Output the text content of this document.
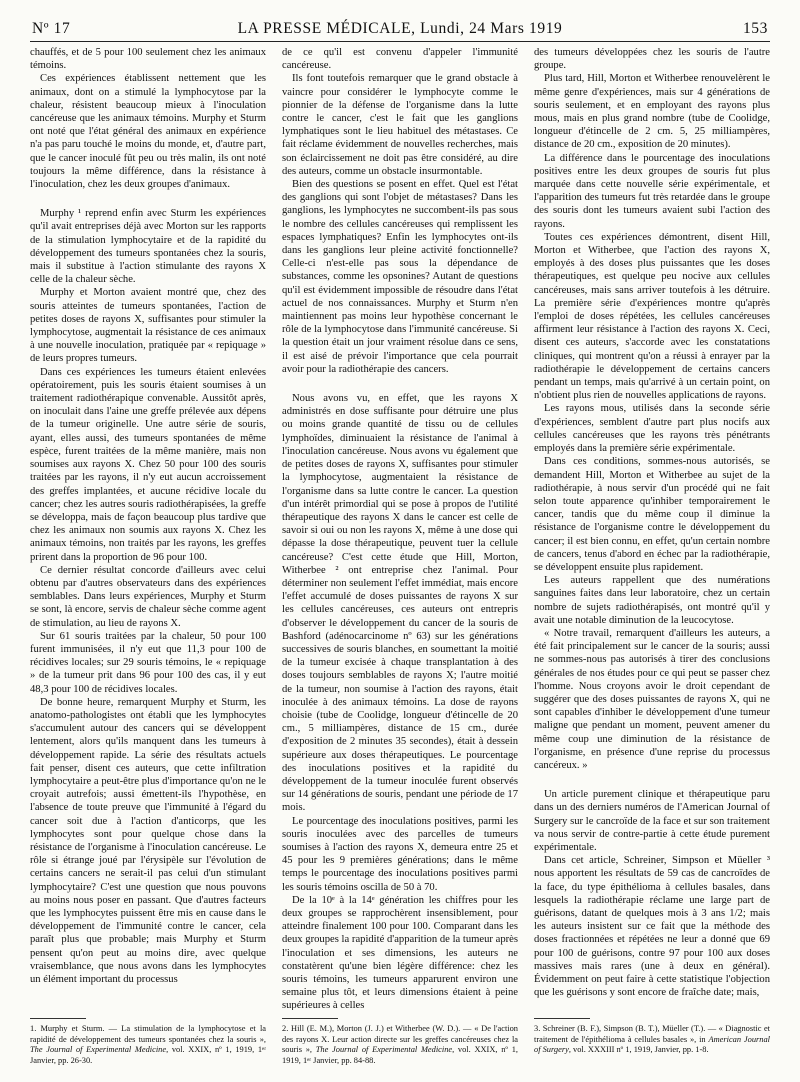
Nº 17	LA PRESSE MÉDICALE, Lundi, 24 Mars 1919	153

chauffés, et de 5 pour 100 seulement chez les animaux témoins.

Ces expériences établissent nettement que les animaux, dont on a stimulé la lymphocytose par la chaleur, résistent beaucoup mieux à l'inoculation cancéreuse que les animaux témoins. Murphy et Sturm ont noté que l'état général des animaux en expérience n'a pas paru touché le moins du monde, et, d'autre part, que le cancer inoculé fût peu ou très malin, ils ont noté toujours la même différence, dans la résistance à l'inoculation, chez les deux groupes d'animaux.

Murphy ¹ reprend enfin avec Sturm les expériences qu'il avait entreprises déjà avec Morton sur les rapports de la stimulation lymphocytaire et de la rapidité du développement des tumeurs spontanées chez la souris, mais il substitue à l'action stimulante des rayons X celle de la chaleur sèche.

Murphy et Morton avaient montré que, chez des souris atteintes de tumeurs spontanées, l'action de petites doses de rayons X, suffisantes pour stimuler la lymphocytose, augmentait la résistance de ces animaux à une nouvelle inoculation, pratiquée par « repiquage » de leurs propres tumeurs.

Dans ces expériences les tumeurs étaient enlevées opératoirement, puis les souris étaient soumises à un traitement radiothérapique convenable. Aussitôt après, on inoculait dans l'aine une greffe prélevée aux dépens de la tumeur originelle. Une autre série de souris, ayant, elles aussi, des tumeurs spontanées de même espèce, furent traitées de la même manière, mais non soumises aux rayons X. Chez 50 pour 100 des souris traitées par les rayons, il n'y eut aucun accroissement des greffes implantées, et aucune récidive locale du cancer; chez les autres souris radiothérapisées, la greffe se développa, mais de façon beaucoup plus tardive que chez les animaux non soumis aux rayons X. Chez les animaux témoins, non traités par les rayons, les greffes prirent dans la proportion de 96 pour 100.

Ce dernier résultat concorde d'ailleurs avec celui obtenu par d'autres observateurs dans des expériences semblables. Dans leurs expériences, Murphy et Sturm se sont, là encore, servis de chaleur sèche comme agent de stimulation, au lieu de rayons X.

Sur 61 souris traitées par la chaleur, 50 pour 100 furent immunisées, il n'y eut que 11,3 pour 100 de récidives locales; sur 29 souris témoins, le « repiquage » de la tumeur prit dans 96 pour 100 des cas, il y eut 48,3 pour 100 de récidives locales.

De bonne heure, remarquent Murphy et Sturm, les anatomo-pathologistes ont établi que les lymphocytes s'accumulent autour des cancers qui se développent lentement, alors qu'ils manquent dans les tumeurs à développement rapide. La série des résultats actuels fait penser, disent ces auteurs, que cette infiltration lymphocytaire a peut-être plus d'importance qu'on ne le croyait autrefois; aussi émettent-ils l'hypothèse, en l'absence de toute preuve que l'immunité à l'égard du cancer soit due à l'action d'anticorps, que les lymphocytes sont pour quelque chose dans la résistance de l'organisme à l'inoculation cancéreuse. Le rôle si étrange joué par l'érysipèle sur l'évolution de certains cancers ne serait-il pas celui d'un stimulant lymphocytaire? C'est une question que nous pouvons au moins nous poser en passant. Que d'autres facteurs que les lymphocytes puissent être mis en cause dans le développement de l'immunité contre le cancer, cela paraît plus que probable; mais Murphy et Sturm pensent qu'on peut au moins dire, avec quelque vraisemblance, que nous avons dans les lymphocytes un élément important du processus

de ce qu'il est convenu d'appeler l'immunité cancéreuse.

Ils font toutefois remarquer que le grand obstacle à vaincre pour considérer le lymphocyte comme le pionnier de la défense de l'organisme dans la lutte contre le cancer, c'est le fait que les ganglions lymphatiques sont le lieu habituel des métastases. Ce fait réclame évidemment de nouvelles recherches, mais son éclaircissement ne doit pas être considéré, au dire des auteurs, comme un obstacle insurmontable.

Bien des questions se posent en effet. Quel est l'état des ganglions qui sont l'objet de métastases? Dans les ganglions, les lymphocytes ne succombent-ils pas sous le nombre des cellules cancéreuses qui remplissent les espaces lymphatiques? Enfin les lymphocytes ont-ils dans les ganglions leur pleine activité fonctionnelle? Celle-ci n'est-elle pas sous la dépendance de substances, comme les opsonines? Autant de questions qu'il est évidemment impossible de résoudre dans l'état actuel de nos connaissances. Murphy et Sturm n'en maintiennent pas moins leur hypothèse concernant le rôle de la lymphocytose dans l'immunité cancéreuse. Si la question était un jour vraiment résolue dans ce sens, il est aisé de prévoir l'importance que cela pourrait avoir pour la radiothérapie des cancers.

Nous avons vu, en effet, que les rayons X administrés en dose suffisante pour détruire une plus ou moins grande quantité de tissu ou de cellules lymphoïdes, diminuaient la résistance de l'animal à l'inoculation cancéreuse. Nous avons vu également que de petites doses de rayons X, suffisantes pour stimuler la lymphocytose, augmentaient la résistance de l'organisme dans sa lutte contre le cancer. La question d'un intérêt primordial qui se pose à propos de l'utilité thérapeutique des rayons X dans le cancer est celle de savoir si oui ou non les rayons X, même à une dose qui dépasse la dose thérapeutique, peuvent tuer la cellule cancéreuse? C'est cette étude que Hill, Morton, Witherbee ² ont entreprise chez l'animal. Pour déterminer non seulement l'effet immédiat, mais encore l'effet accumulé de doses puissantes de rayons X sur les cellules cancéreuses, ces auteurs ont entrepris d'observer le développement du cancer de la souris de Bashford (adénocarcinome nº 63) sur les générations successives de souris blanches, en soumettant la moitié de la tumeur excisée à chaque transplantation à des doses toujours semblables de rayons X; l'autre moitié de la tumeur, non soumise à l'action des rayons, était inoculée à des animaux témoins. La dose de rayons choisie (tube de Coolidge, longueur d'étincelle de 20 cm., 5 milliampères, distance de 15 cm., durée d'exposition de 2 minutes 35 secondes), était à dessein supérieure aux doses thérapeutiques. Le pourcentage des inoculations positives et la rapidité du développement de la tumeur inoculée furent observés sur 14 générations de souris, pendant une période de 17 mois.

Le pourcentage des inoculations positives, parmi les souris inoculées avec des parcelles de tumeurs soumises à l'action des rayons X, demeura entre 25 et 45 pour les 9 premières générations; dans le même temps le pourcentage des inoculations positives parmi les souris témoins oscilla de 50 à 70.

De la 10ᵉ à la 14ᵉ génération les chiffres pour les deux groupes se rapprochèrent insensiblement, pour atteindre finalement 100 pour 100. Comparant dans les deux groupes la rapidité d'apparition de la tumeur après l'inoculation et ses dimensions, les auteurs ne constatèrent qu'une bien légère différence: chez les souris témoins, les tumeurs apparurent environ une semaine plus tôt, et leurs dimensions étaient à peine supérieures à celles

des tumeurs développées chez les souris de l'autre groupe.

Plus tard, Hill, Morton et Witherbee renouvelèrent le même genre d'expériences, mais sur 4 générations de souris seulement, et en employant des rayons plus mous, mais en plus grand nombre (tube de Coolidge, longueur d'étincelle de 2 cm. 5, 25 milliampères, distance de 20 cm., exposition de 20 minutes).

La différence dans le pourcentage des inoculations positives entre les deux groupes de souris fut plus marquée dans cette nouvelle série expérimentale, et l'apparition des tumeurs fut très retardée dans le groupe des souris dont les tumeurs avaient subi l'action des rayons.

Toutes ces expériences démontrent, disent Hill, Morton et Witherbee, que l'action des rayons X, employés à des doses plus puissantes que les doses thérapeutiques, est quelque peu nocive aux cellules cancéreuses, mais sans arriver toutefois à les détruire. La première série d'expériences montre qu'après l'emploi de doses répétées, les cellules cancéreuses affirment leur résistance à l'action des rayons X. Ceci, disent ces auteurs, s'accorde avec les constatations cliniques, qui montrent qu'on a réussi à enrayer par la radiothérapie le développement de certains cancers pendant un temps, mais qu'arrivé à un certain point, on n'obtient plus rien de nouvelles applications de rayons.

Les rayons mous, utilisés dans la seconde série d'expériences, semblent d'autre part plus nocifs aux cellules cancéreuses que les rayons très pénétrants employés dans la première série expérimentale.

Dans ces conditions, sommes-nous autorisés, se demandent Hill, Morton et Witherbee au sujet de la radiothérapie, à nous servir d'un procédé qui ne fait selon toute apparence qu'inhiber temporairement le cancer, tandis que du même coup il diminue la résistance de l'organisme contre le développement du cancer; il est bien connu, en effet, qu'un certain nombre de cancers, tenus d'abord en échec par la radiothérapie, se développent ensuite plus rapidement.

Les auteurs rappellent que des numérations sanguines faites dans leur laboratoire, chez un certain nombre de sujets radiothérapisés, ont montré qu'il y avait une notable diminution de la leucocytose.

« Notre travail, remarquent d'ailleurs les auteurs, a été fait principalement sur le cancer de la souris; aussi ne sommes-nous pas autorisés à tirer des conclusions générales de nos études pour ce qui peut se passer chez l'homme. Nous croyons avoir le droit cependant de suggérer que des doses puissantes de rayons X, qui ne sont capables d'inhiber le développement d'une tumeur maligne que pendant un moment, peuvent amener du même coup une diminution de la résistance de l'organisme, en présence d'une reprise du processus cancéreux. »

Un article purement clinique et thérapeutique paru dans un des derniers numéros de l'American Journal of Surgery sur le cancroïde de la face et sur son traitement va nous servir de contre-partie à cette étude purement expérimentale.

Dans cet article, Schreiner, Simpson et Müeller ³ nous apportent les résultats de 59 cas de cancroïdes de la face, du type épithélioma à cellules basales, dans lesquels la radiothérapie réclame une large part de guérisons, datant de quelques mois à 3 ans 1/2; mais les auteurs insistent sur ce fait que la méthode des doses fractionnées et répétées ne leur a donné que 69 pour 100 de guérisons, contre 97 pour 100 aux doses massives mais rares (une à deux en général). Évidemment on peut faire à cette statistique l'objection que les guérisons y sont encore de fraîche date; mais,

1. Murphy et Sturm. — La stimulation de la lymphocytose et la rapidité de développement des tumeurs spontanées chez la souris », The Journal of Experimental Medicine, vol. XXIX, nº 1, 1919, 1ᵉʳ Janvier, pp. 26-30.
2. Hill (E. M.), Morton (J. J.) et Witherbee (W. D.). — « De l'action des rayons X. Leur action directe sur les greffes cancéreuses chez la souris », The Journal of Experimental Medicine, vol. XXIX, nº 1, 1919, 1ᵉʳ Janvier, pp. 84-88.
3. Schreiner (B. F.), Simpson (B. T.), Müeller (T.). — « Diagnostic et traitement de l'épithélioma à cellules basales », in American Journal of Surgery, vol. XXXIII nº 1, 1919, Janvier, pp. 1-8.
